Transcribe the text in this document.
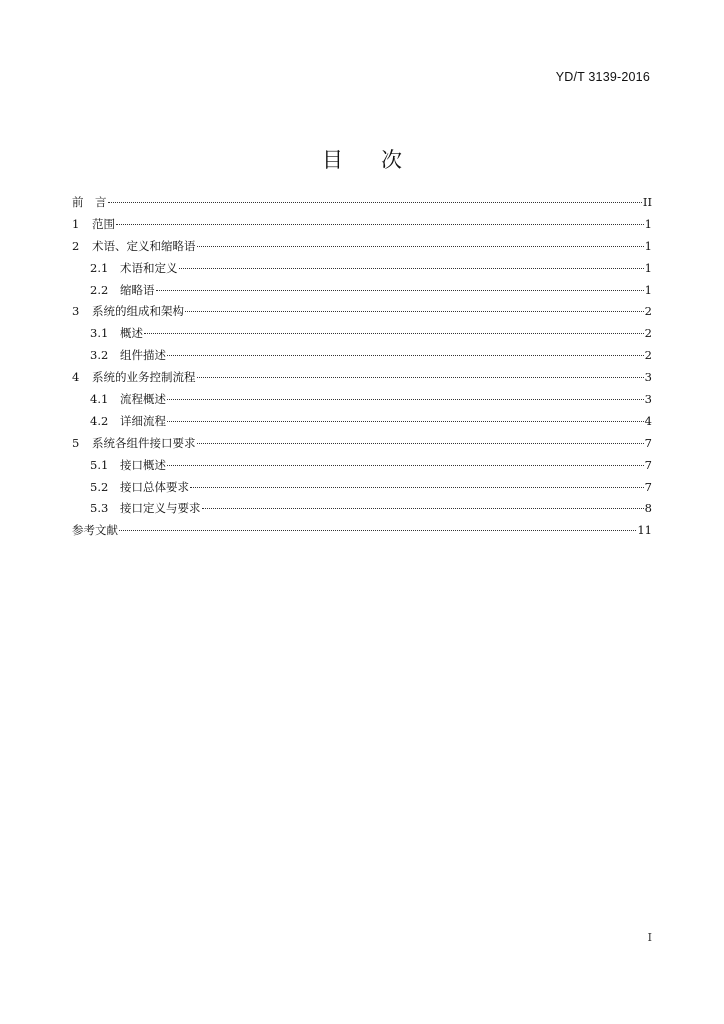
YD/T 3139-2016
目 次
前　言	II
1	范围	1
2	术语、定义和缩略语	1
2.1	术语和定义	1
2.2	缩略语	1
3	系统的组成和架构	2
3.1	概述	2
3.2	组件描述	2
4	系统的业务控制流程	3
4.1	流程概述	3
4.2	详细流程	4
5	系统各组件接口要求	7
5.1	接口概述	7
5.2	接口总体要求	7
5.3	接口定义与要求	8
参考文献	11
I
